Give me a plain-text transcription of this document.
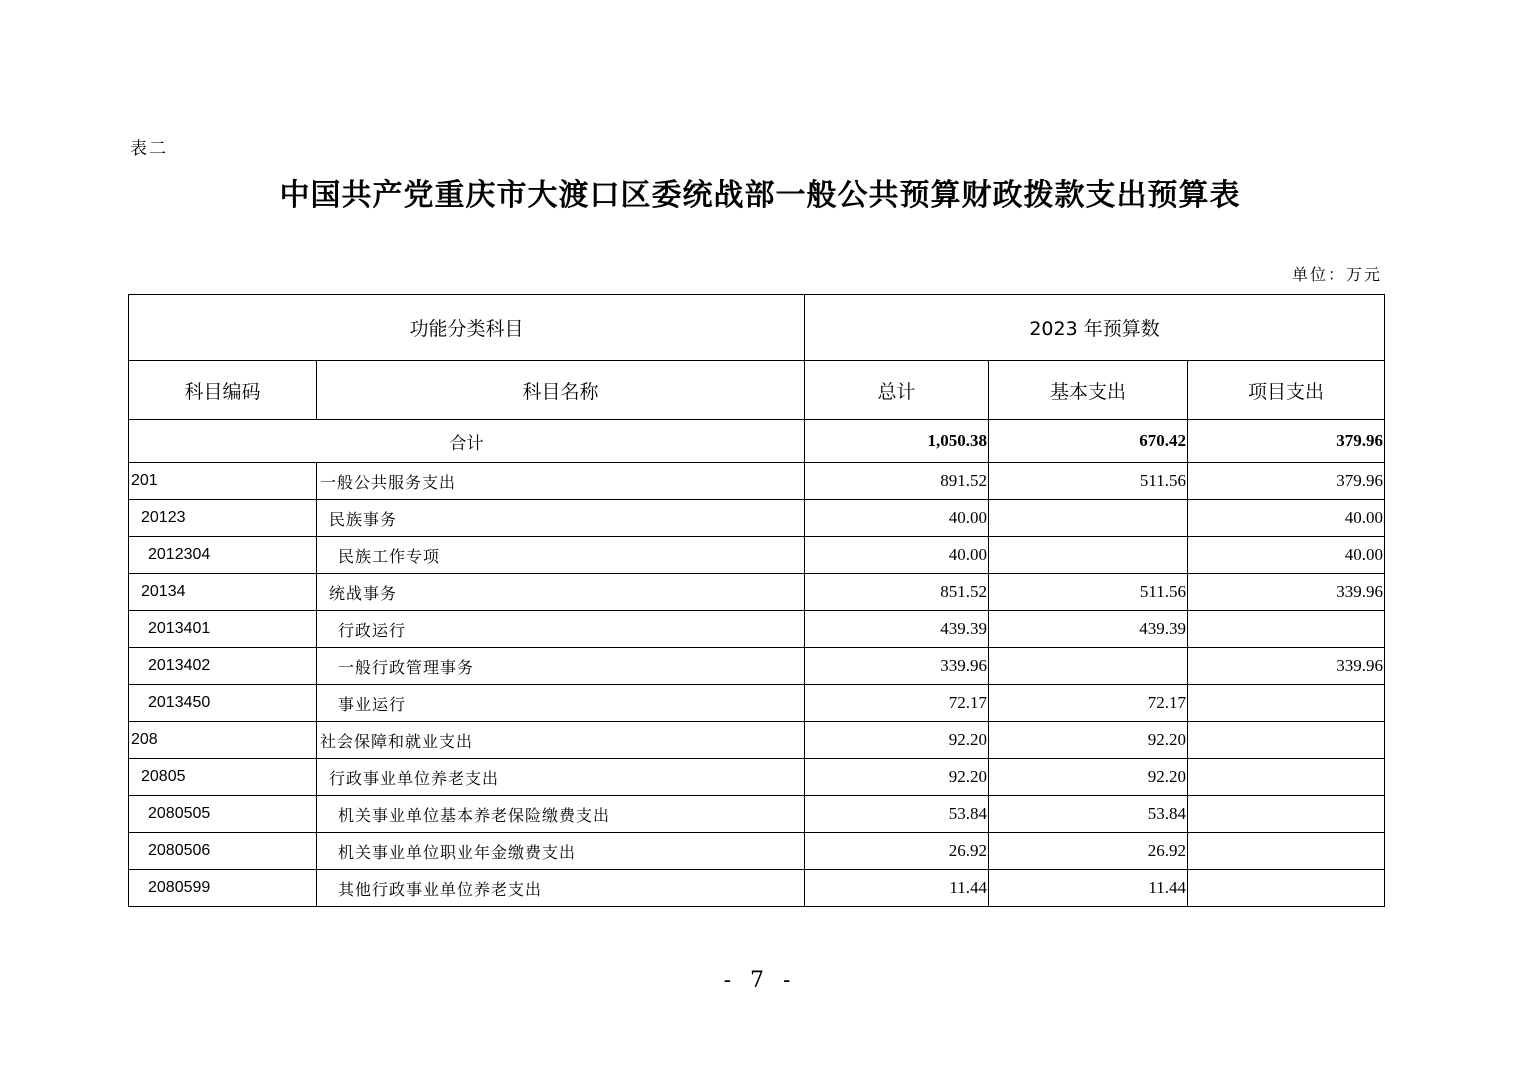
表二
中国共产党重庆市大渡口区委统战部一般公共预算财政拨款支出预算表
单位：万元
功能分类科目		2023 年预算数		
科目编码	科目名称	总计	基本支出	项目支出
合计		1,050.38	670.42	379.96
201	一般公共服务支出	891.52	511.56	379.96
20123	民族事务	40.00		40.00
2012304	民族工作专项	40.00		40.00
20134	统战事务	851.52	511.56	339.96
2013401	行政运行	439.39	439.39	
2013402	一般行政管理事务	339.96		339.96
2013450	事业运行	72.17	72.17	
208	社会保障和就业支出	92.20	92.20	
20805	行政事业单位养老支出	92.20	92.20	
2080505	机关事业单位基本养老保险缴费支出	53.84	53.84	
2080506	机关事业单位职业年金缴费支出	26.92	26.92	
2080599	其他行政事业单位养老支出	11.44	11.44	
- 7 -
